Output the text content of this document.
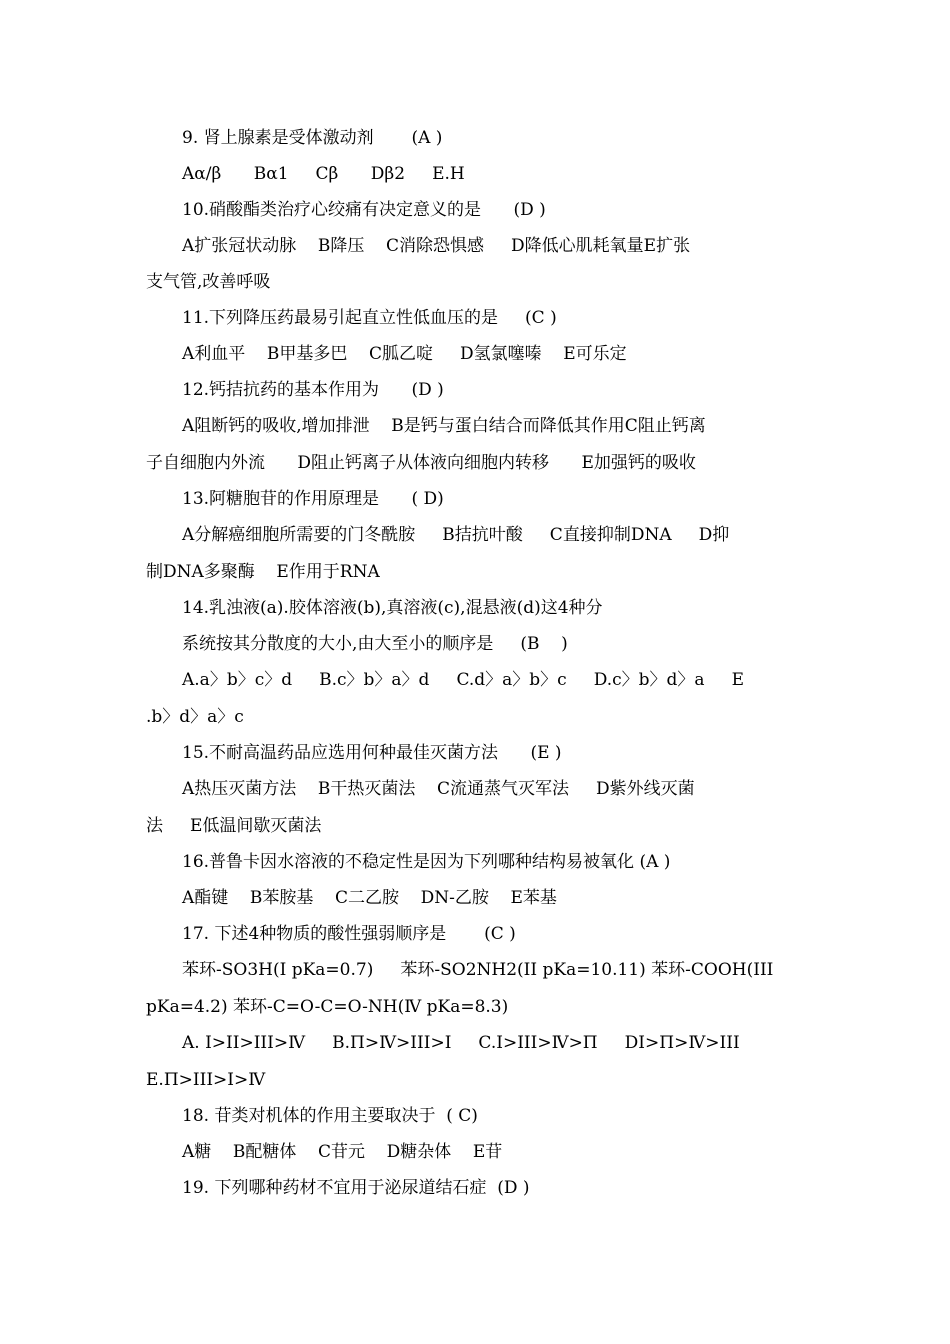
9. 肾上腺素是受体激动剂       (A )

Aα/β      Bα1     Cβ      Dβ2     E.H

10.硝酸酯类治疗心绞痛有决定意义的是      (D )

A扩张冠状动脉    B降压    C消除恐惧感     D降低心肌耗氧量E扩张

支气管,改善呼吸

11.下列降压药最易引起直立性低血压的是     (C )

A利血平    B甲基多巴    C胍乙啶     D氢氯噻嗪    E可乐定

12.钙拮抗药的基本作用为      (D )

A阻断钙的吸收,增加排泄    B是钙与蛋白结合而降低其作用C阻止钙离

子自细胞内外流      D阻止钙离子从体液向细胞内转移      E加强钙的吸收

13.阿糖胞苷的作用原理是      ( D)

A分解癌细胞所需要的门冬酰胺     B拮抗叶酸     C直接抑制DNA     D抑

制DNA多聚酶    E作用于RNA

14.乳浊液(a).胶体溶液(b),真溶液(c),混悬液(d)这4种分

系统按其分散度的大小,由大至小的顺序是     (B    )

A.a〉b〉c〉d     B.c〉b〉a〉d     C.d〉a〉b〉c     D.c〉b〉d〉a     E

.b〉d〉a〉c

15.不耐高温药品应选用何种最佳灭菌方法      (E )

A热压灭菌方法    B干热灭菌法    C流通蒸气灭军法     D紫外线灭菌

法     E低温间歇灭菌法

16.普鲁卡因水溶液的不稳定性是因为下列哪种结构易被氧化 (A )

A酯键    B苯胺基    C二乙胺    DN-乙胺    E苯基

17. 下述4种物质的酸性强弱顺序是       (C )

苯环-SO3H(I pKa=0.7)     苯环-SO2NH2(II pKa=10.11) 苯环-COOH(III

pKa=4.2) 苯环-C=O-C=O-NH(Ⅳ pKa=8.3)

A. I>II>III>Ⅳ     B.Π>Ⅳ>III>Ι     C.Ι>III>Ⅳ>Π     DΙ>Π>Ⅳ>III

E.Π>III>Ι>Ⅳ

18. 苷类对机体的作用主要取决于  ( C)

A糖    B配糖体    C苷元    D糖杂体    E苷

19. 下列哪种药材不宜用于泌尿道结石症  (D )
